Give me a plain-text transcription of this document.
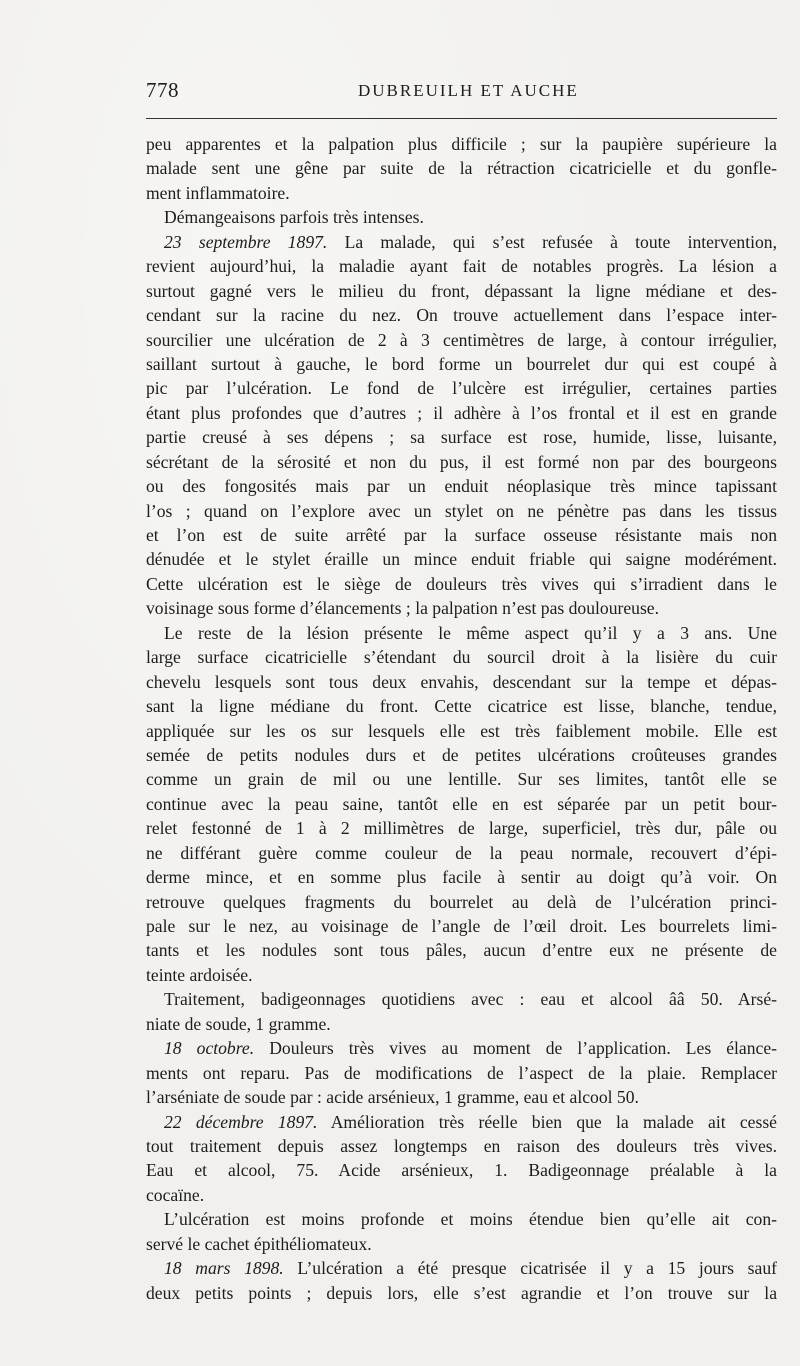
778	DUBREUILH ET AUCHE
peu apparentes et la palpation plus difficile ; sur la paupière supérieure la
malade sent une gêne par suite de la rétraction cicatricielle et du gonfle-
ment inflammatoire.
Démangeaisons parfois très intenses.
23 septembre 1897. La malade, qui s’est refusée à toute intervention,
revient aujourd’hui, la maladie ayant fait de notables progrès. La lésion a
surtout gagné vers le milieu du front, dépassant la ligne médiane et des-
cendant sur la racine du nez. On trouve actuellement dans l’espace inter-
sourcilier une ulcération de 2 à 3 centimètres de large, à contour irrégulier,
saillant surtout à gauche, le bord forme un bourrelet dur qui est coupé à
pic par l’ulcération. Le fond de l’ulcère est irrégulier, certaines parties
étant plus profondes que d’autres ; il adhère à l’os frontal et il est en grande
partie creusé à ses dépens ; sa surface est rose, humide, lisse, luisante,
sécrétant de la sérosité et non du pus, il est formé non par des bourgeons
ou des fongosités mais par un enduit néoplasique très mince tapissant
l’os ; quand on l’explore avec un stylet on ne pénètre pas dans les tissus
et l’on est de suite arrêté par la surface osseuse résistante mais non
dénudée et le stylet éraille un mince enduit friable qui saigne modérément.
Cette ulcération est le siège de douleurs très vives qui s’irradient dans le
voisinage sous forme d’élancements ; la palpation n’est pas douloureuse.
Le reste de la lésion présente le même aspect qu’il y a 3 ans. Une
large surface cicatricielle s’étendant du sourcil droit à la lisière du cuir
chevelu lesquels sont tous deux envahis, descendant sur la tempe et dépas-
sant la ligne médiane du front. Cette cicatrice est lisse, blanche, tendue,
appliquée sur les os sur lesquels elle est très faiblement mobile. Elle est
semée de petits nodules durs et de petites ulcérations croûteuses grandes
comme un grain de mil ou une lentille. Sur ses limites, tantôt elle se
continue avec la peau saine, tantôt elle en est séparée par un petit bour-
relet festonné de 1 à 2 millimètres de large, superficiel, très dur, pâle ou
ne différant guère comme couleur de la peau normale, recouvert d’épi-
derme mince, et en somme plus facile à sentir au doigt qu’à voir. On
retrouve quelques fragments du bourrelet au delà de l’ulcération princi-
pale sur le nez, au voisinage de l’angle de l’œil droit. Les bourrelets limi-
tants et les nodules sont tous pâles, aucun d’entre eux ne présente de
teinte ardoisée.
Traitement, badigeonnages quotidiens avec : eau et alcool ââ 50. Arsé-
niate de soude, 1 gramme.
18 octobre. Douleurs très vives au moment de l’application. Les élance-
ments ont reparu. Pas de modifications de l’aspect de la plaie. Remplacer
l’arséniate de soude par : acide arsénieux, 1 gramme, eau et alcool 50.
22 décembre 1897. Amélioration très réelle bien que la malade ait cessé
tout traitement depuis assez longtemps en raison des douleurs très vives.
Eau et alcool, 75. Acide arsénieux, 1. Badigeonnage préalable à la
cocaïne.
L’ulcération est moins profonde et moins étendue bien qu’elle ait con-
servé le cachet épithéliomateux.
18 mars 1898. L’ulcération a été presque cicatrisée il y a 15 jours sauf
deux petits points ; depuis lors, elle s’est agrandie et l’on trouve sur la
